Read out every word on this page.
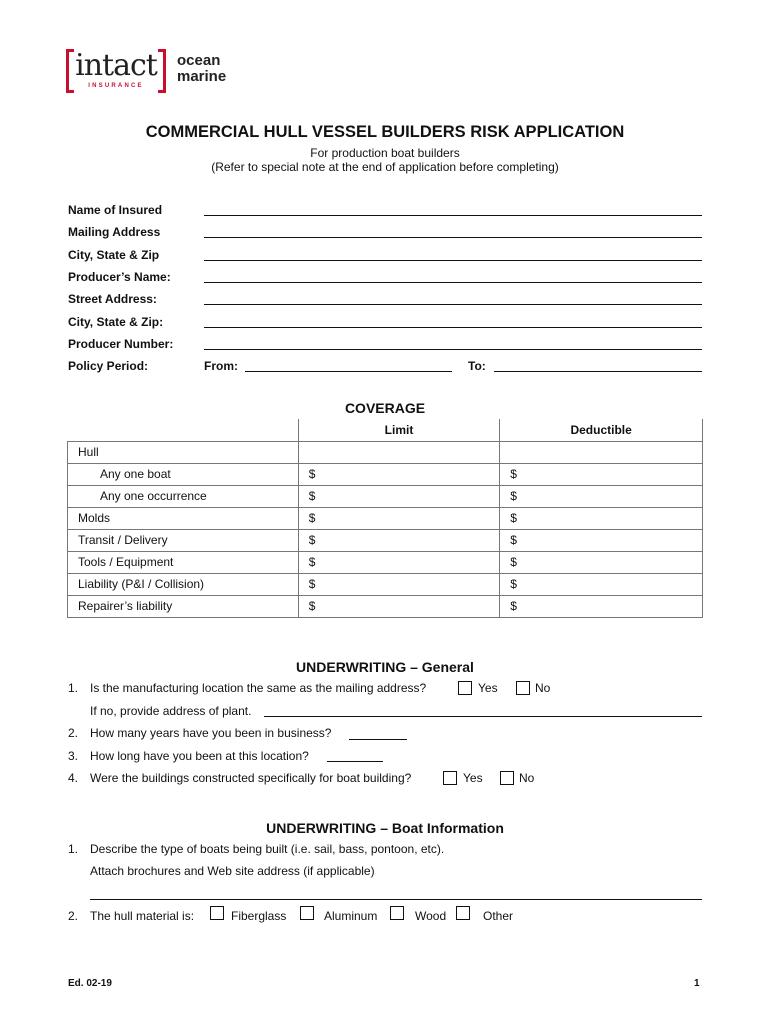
intact
INSURANCE
ocean
marine
COMMERCIAL HULL VESSEL BUILDERS RISK APPLICATION
For production boat builders
(Refer to special note at the end of application before completing)
Name of Insured
Mailing Address
City, State & Zip
Producer’s Name:
Street Address:
City, State & Zip:
Producer Number:
Policy Period:	From:	To:
COVERAGE
	Limit	Deductible
Hull		
Any one boat	$	$
Any one occurrence	$	$
Molds	$	$
Transit / Delivery	$	$
Tools / Equipment	$	$
Liability (P&I / Collision)	$	$
Repairer’s liability	$	$
UNDERWRITING – General
1. Is the manufacturing location the same as the mailing address?	Yes	No
If no, provide address of plant.
2. How many years have you been in business?
3. How long have you been at this location?
4. Were the buildings constructed specifically for boat building?	Yes	No
UNDERWRITING – Boat Information
1. Describe the type of boats being built (i.e. sail, bass, pontoon, etc).
Attach brochures and Web site address (if applicable)
2. The hull material is:	Fiberglass	Aluminum	Wood	Other
Ed. 02-19	1
